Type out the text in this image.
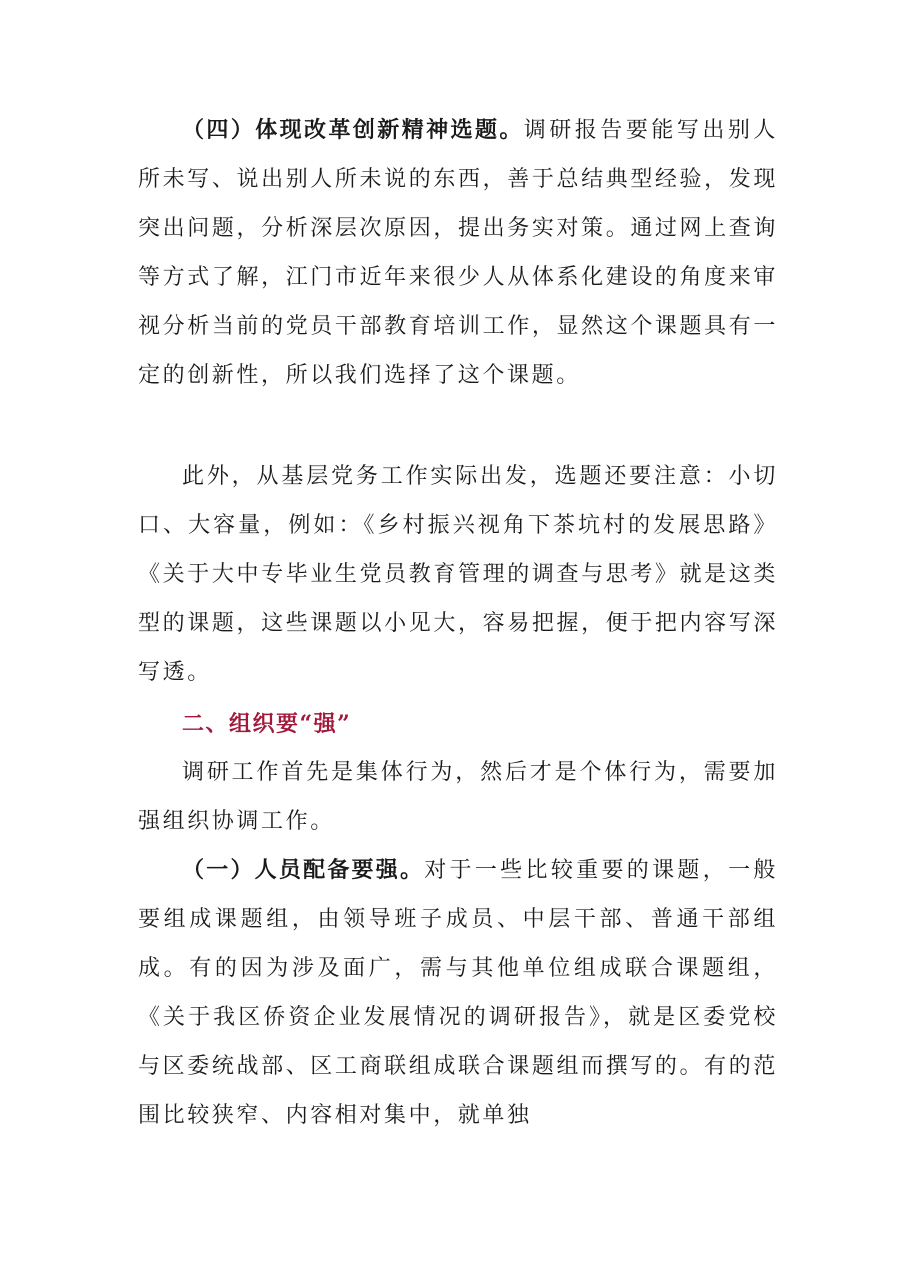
（四）体现改革创新精神选题。调研报告要能写出别人所未写、说出别人所未说的东西，善于总结典型经验，发现突出问题，分析深层次原因，提出务实对策。通过网上查询等方式了解，江门市近年来很少人从体系化建设的角度来审视分析当前的党员干部教育培训工作，显然这个课题具有一定的创新性，所以我们选择了这个课题。

此外，从基层党务工作实际出发，选题还要注意：小切口、大容量，例如：《乡村振兴视角下茶坑村的发展思路》《关于大中专毕业生党员教育管理的调查与思考》就是这类型的课题，这些课题以小见大，容易把握，便于把内容写深写透。

二、组织要“强”

调研工作首先是集体行为，然后才是个体行为，需要加强组织协调工作。

（一）人员配备要强。对于一些比较重要的课题，一般要组成课题组，由领导班子成员、中层干部、普通干部组成。有的因为涉及面广，需与其他单位组成联合课题组，《关于我区侨资企业发展情况的调研报告》，就是区委党校与区委统战部、区工商联组成联合课题组而撰写的。有的范围比较狭窄、内容相对集中，就单独
